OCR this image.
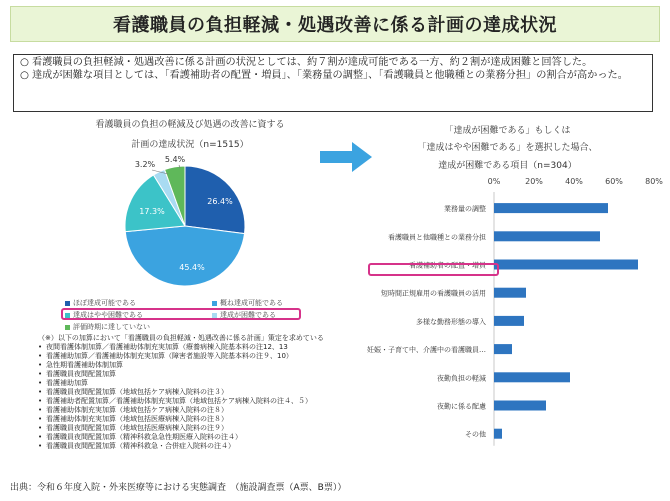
看護職員の負担軽減・処遇改善に係る計画の達成状況
○ 看護職員の負担軽減・処遇改善に係る計画の状況としては、約７割が達成可能である一方、約２割が達成困難と回答した。
○ 達成が困難な項目としては、「看護補助者の配置・増員」、「業務量の調整」、「看護職員と他職種との業務分担」の割合が高かった。
看護職員の負担の軽減及び処遇の改善に資する
計画の達成状況（n=1515）
「達成が困難である」もしくは
「達成はやや困難である」を選択した場合、
達成が困難である項目（n=304）
26.4%
45.4%
17.3%
3.2%
5.4%
0%	20%	40%	60%	80%
業務量の調整
看護職員と他職種との業務分担
看護補助者の配置・増員
短時間正規雇用の看護職員の活用
多様な勤務形態の導入
妊娠・子育て中、介護中の看護職員…
夜勤負担の軽減
夜勤に係る配慮
その他
ほぼ達成可能である	概ね達成可能である
達成はやや困難である	達成が困難である
評価時期に達していない
（※）以下の加算において「看護職員の負担軽減・処遇改善に係る計画」策定を求めている
• 夜間看護体制加算／看護補助体制充実加算（療養病棟入院基本料の注12、13
• 看護補助加算／看護補助体制充実加算（障害者施設等入院基本料の注９、10）
• 急性期看護補助体制加算
• 看護職員夜間配置加算
• 看護補助加算
• 看護職員夜間配置加算（地域包括ケア病棟入院料の注３）
• 看護補助者配置加算／看護補助体制充実加算（地域包括ケア病棟入院料の注４、５）
• 看護補助体制充実加算（地域包括ケア病棟入院料の注８）
• 看護補助体制充実加算（地域包括医療病棟入院料の注８）
• 看護職員夜間配置加算（地域包括医療病棟入院料の注９）
• 看護職員夜間配置加算（精神科救急急性期医療入院料の注４）
• 看護職員夜間配置加算（精神科救急・合併症入院料の注４）
出典：令和６年度入院・外来医療等における実態調査　（施設調査票（A票、B票））
